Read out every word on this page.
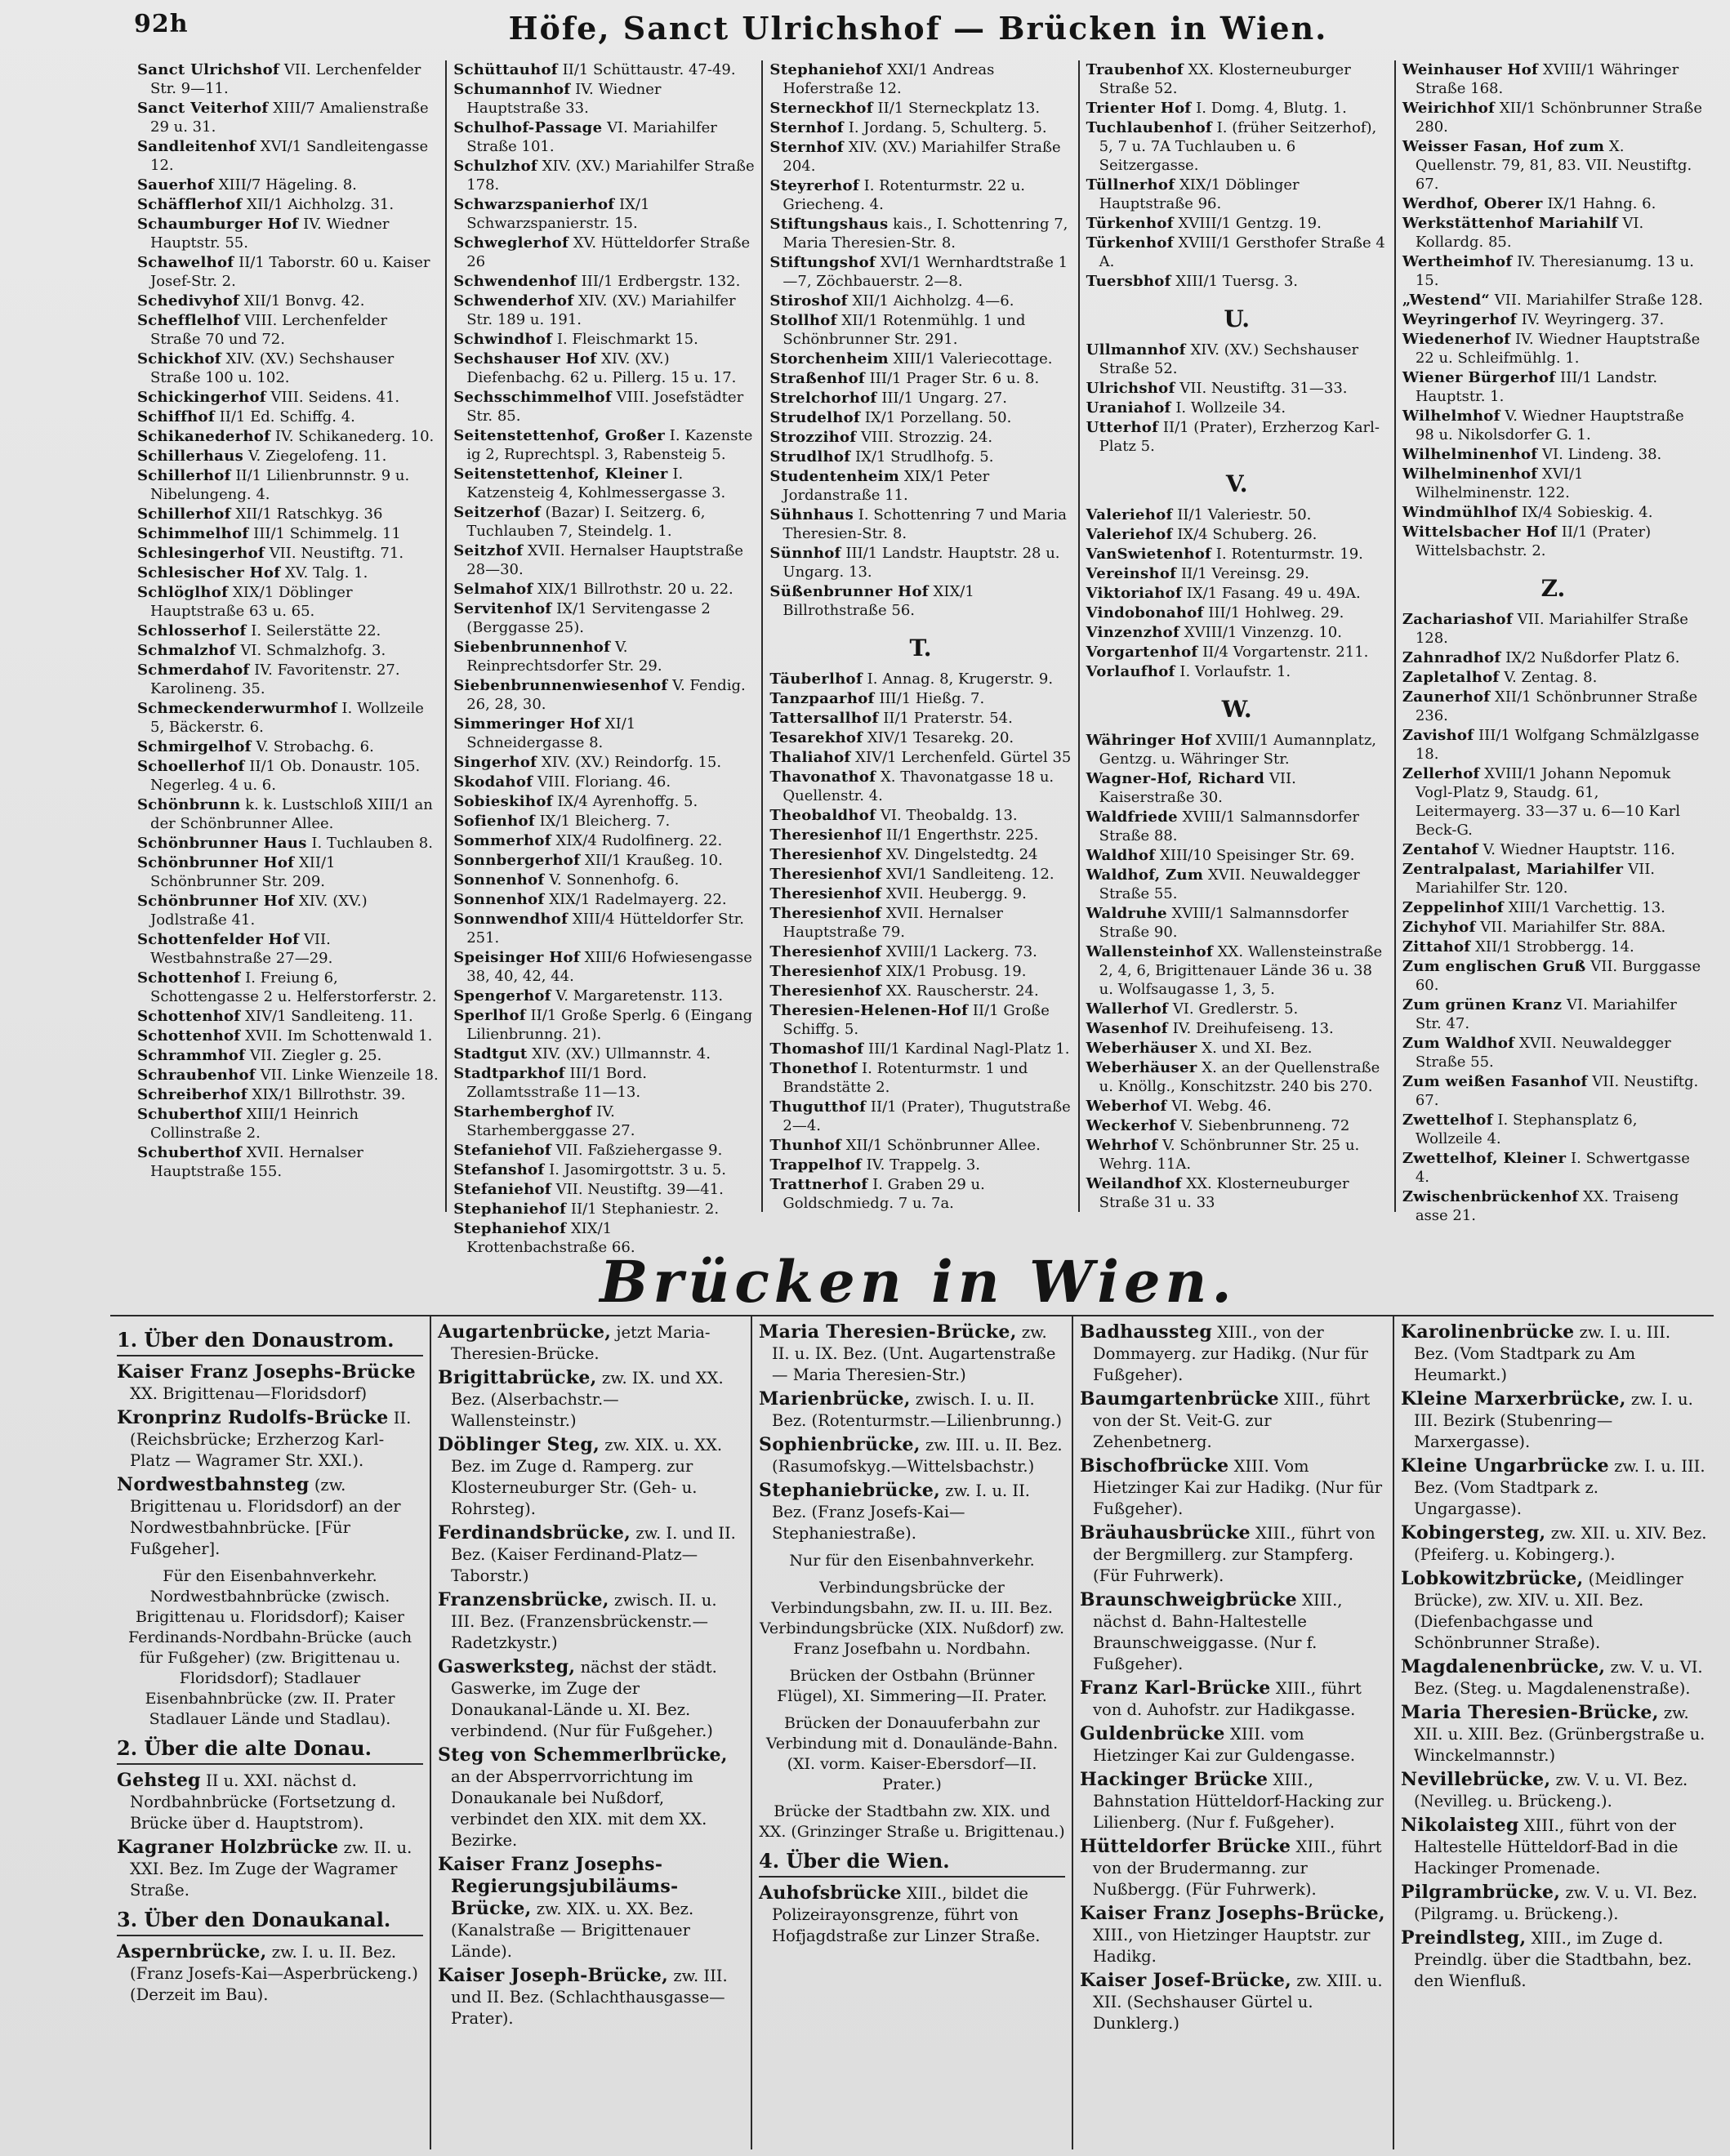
92h	Höfe, Sanct Ulrichshof — Brücken in Wien.
Sanct Ulrichshof VII. Lerchenfelder Str. 9—11.
Sanct Veiterhof XIII/7 Amalienstraße 29 u. 31.
Sandleitenhof XVI/1 Sandleitengasse 12.
Sauerhof XIII/7 Hägeling. 8.
Schäfflerhof XII/1 Aichholzg. 31.
Schaumburger Hof IV. Wiedner Hauptstr. 55.
Schawelhof II/1 Taborstr. 60 u. Kaiser Josef-Str. 2.
Schedivyhof XII/1 Bonvg. 42.
Schefflelhof VIII. Lerchenfelder Straße 70 und 72.
Schickhof XIV. (XV.) Sechshauser Straße 100 u. 102.
Schickingerhof VIII. Seidens. 41.
Schiffhof II/1 Ed. Schiffg. 4.
Schikanederhof IV. Schikanederg. 10.
Schillerhaus V. Ziegelofeng. 11.
Schillerhof II/1 Lilienbrunnstr. 9 u. Nibelungeng. 4.
Schillerhof XII/1 Ratschkyg. 36
Schimmelhof III/1 Schimmelg. 11
Schlesingerhof VII. Neustiftg. 71.
Schlesischer Hof XV. Talg. 1.
Schlöglhof XIX/1 Döblinger Hauptstraße 63 u. 65.
Schlosserhof I. Seilerstätte 22.
Schmalzhof VI. Schmalzhofg. 3.
Schmerdahof IV. Favoritenstr. 27. Karolineng. 35.
Schmeckenderwurmhof I. Wollzeile 5, Bäckerstr. 6.
Schmirgelhof V. Strobachg. 6.
Schoellerhof II/1 Ob. Donaustr. 105. Negerleg. 4 u. 6.
Schönbrunn k. k. Lustschloß XIII/1 an der Schönbrunner Allee.
Schönbrunner Haus I. Tuchlauben 8.
Schönbrunner Hof XII/1 Schönbrunner Str. 209.
Schönbrunner Hof XIV. (XV.) Jodlstraße 41.
Schottenfelder Hof VII. Westbahnstraße 27—29.
Schottenhof I. Freiung 6, Schottengasse 2 u. Helferstorferstr. 2.
Schottenhof XIV/1 Sandleiteng. 11.
Schottenhof XVII. Im Schottenwald 1.
Schrammhof VII. Ziegler g. 25.
Schraubenhof VII. Linke Wienzeile 18.
Schreiberhof XIX/1 Billrothstr. 39.
Schuberthof XIII/1 Heinrich Collinstraße 2.
Schuberthof XVII. Hernalser Hauptstraße 155.
Schüttauhof II/1 Schüttaustr. 47-49.
Schumannhof IV. Wiedner Hauptstraße 33.
Schulhof-Passage VI. Mariahilfer Straße 101.
Schulzhof XIV. (XV.) Mariahilfer Straße 178.
Schwarzspanierhof IX/1 Schwarzspanierstr. 15.
Schweglerhof XV. Hütteldorfer Straße 26
Schwendenhof III/1 Erdbergstr. 132.
Schwenderhof XIV. (XV.) Mariahilfer Str. 189 u. 191.
Schwindhof I. Fleischmarkt 15.
Sechshauser Hof XIV. (XV.) Diefenbachg. 62 u. Pillerg. 15 u. 17.
Sechsschimmelhof VIII. Josefstädter Str. 85.
Seitenstettenhof, Großer I. Kazenste ig 2, Ruprechtspl. 3, Rabensteig 5.
Seitenstettenhof, Kleiner I. Katzensteig 4, Kohlmessergasse 3.
Seitzerhof (Bazar) I. Seitzerg. 6, Tuchlauben 7, Steindelg. 1.
Seitzhof XVII. Hernalser Hauptstraße 28—30.
Selmahof XIX/1 Billrothstr. 20 u. 22.
Servitenhof IX/1 Servitengasse 2 (Berggasse 25).
Siebenbrunnenhof V. Reinprechtsdorfer Str. 29.
Siebenbrunnenwiesenhof V. Fendig. 26, 28, 30.
Simmeringer Hof XI/1 Schneidergasse 8.
Singerhof XIV. (XV.) Reindorfg. 15.
Skodahof VIII. Floriang. 46.
Sobieskihof IX/4 Ayrenhoffg. 5.
Sofienhof IX/1 Bleicherg. 7.
Sommerhof XIX/4 Rudolfinerg. 22.
Sonnbergerhof XII/1 Kraußeg. 10.
Sonnenhof V. Sonnenhofg. 6.
Sonnenhof XIX/1 Radelmayerg. 22.
Sonnwendhof XIII/4 Hütteldorfer Str. 251.
Speisinger Hof XIII/6 Hofwiesengasse 38, 40, 42, 44.
Spengerhof V. Margaretenstr. 113.
Sperlhof II/1 Große Sperlg. 6 (Eingang Lilienbrunng. 21).
Stadtgut XIV. (XV.) Ullmannstr. 4.
Stadtparkhof III/1 Bord. Zollamtsstraße 11—13.
Starhemberghof IV. Starhemberggasse 27.
Stefaniehof VII. Faßziehergasse 9.
Stefanshof I. Jasomirgottstr. 3 u. 5.
Stefaniehof VII. Neustiftg. 39—41.
Stephaniehof II/1 Stephaniestr. 2.
Stephaniehof XIX/1 Krottenbachstraße 66.
Stephaniehof XXI/1 Andreas Hoferstraße 12.
Sterneckhof II/1 Sterneckplatz 13.
Sternhof I. Jordang. 5, Schulterg. 5.
Sternhof XIV. (XV.) Mariahilfer Straße 204.
Steyrerhof I. Rotenturmstr. 22 u. Griecheng. 4.
Stiftungshaus kais., I. Schottenring 7, Maria Theresien-Str. 8.
Stiftungshof XVI/1 Wernhardtstraße 1—7, Zöchbauerstr. 2—8.
Stiroshof XII/1 Aichholzg. 4—6.
Stollhof XII/1 Rotenmühlg. 1 und Schönbrunner Str. 291.
Storchenheim XIII/1 Valeriecottage.
Straßenhof III/1 Prager Str. 6 u. 8.
Strelchorhof III/1 Ungarg. 27.
Strudelhof IX/1 Porzellang. 50.
Strozzihof VIII. Strozzig. 24.
Strudlhof IX/1 Strudlhofg. 5.
Studentenheim XIX/1 Peter Jordanstraße 11.
Sühnhaus I. Schottenring 7 und Maria Theresien-Str. 8.
Sünnhof III/1 Landstr. Hauptstr. 28 u. Ungarg. 13.
Süßenbrunner Hof XIX/1 Billrothstraße 56.
T.
Täuberlhof I. Annag. 8, Krugerstr. 9.
Tanzpaarhof III/1 Hießg. 7.
Tattersallhof II/1 Praterstr. 54.
Tesarekhof XIV/1 Tesarekg. 20.
Thaliahof XIV/1 Lerchenfeld. Gürtel 35
Thavonathof X. Thavonatgasse 18 u. Quellenstr. 4.
Theobaldhof VI. Theobaldg. 13.
Theresienhof II/1 Engerthstr. 225.
Theresienhof XV. Dingelstedtg. 24
Theresienhof XVI/1 Sandleiteng. 12.
Theresienhof XVII. Heubergg. 9.
Theresienhof XVII. Hernalser Hauptstraße 79.
Theresienhof XVIII/1 Lackerg. 73.
Theresienhof XIX/1 Probusg. 19.
Theresienhof XX. Rauscherstr. 24.
Theresien-Helenen-Hof II/1 Große Schiffg. 5.
Thomashof III/1 Kardinal Nagl-Platz 1.
Thonethof I. Rotenturmstr. 1 und Brandstätte 2.
Thugutthof II/1 (Prater), Thugutstraße 2—4.
Thunhof XII/1 Schönbrunner Allee.
Trappelhof IV. Trappelg. 3.
Trattnerhof I. Graben 29 u. Goldschmiedg. 7 u. 7a.
Traubenhof XX. Klosterneuburger Straße 52.
Trienter Hof I. Domg. 4, Blutg. 1.
Tuchlaubenhof I. (früher Seitzerhof), 5, 7 u. 7A Tuchlauben u. 6 Seitzergasse.
Tüllnerhof XIX/1 Döblinger Hauptstraße 96.
Türkenhof XVIII/1 Gentzg. 19.
Türkenhof XVIII/1 Gersthofer Straße 4 A.
Tuersbhof XIII/1 Tuersg. 3.
U.
Ullmannhof XIV. (XV.) Sechshauser Straße 52.
Ulrichshof VII. Neustiftg. 31—33.
Uraniahof I. Wollzeile 34.
Utterhof II/1 (Prater), Erzherzog Karl-Platz 5.
V.
Valeriehof II/1 Valeriestr. 50.
Valeriehof IX/4 Schuberg. 26.
VanSwietenhof I. Rotenturmstr. 19.
Vereinshof II/1 Vereinsg. 29.
Viktoriahof IX/1 Fasang. 49 u. 49A.
Vindobonahof III/1 Hohlweg. 29.
Vinzenzhof XVIII/1 Vinzenzg. 10.
Vorgartenhof II/4 Vorgartenstr. 211.
Vorlaufhof I. Vorlaufstr. 1.
W.
Währinger Hof XVIII/1 Aumannplatz, Gentzg. u. Währinger Str.
Wagner-Hof, Richard VII. Kaiserstraße 30.
Waldfriede XVIII/1 Salmannsdorfer Straße 88.
Waldhof XIII/10 Speisinger Str. 69.
Waldhof, Zum XVII. Neuwaldegger Straße 55.
Waldruhe XVIII/1 Salmannsdorfer Straße 90.
Wallensteinhof XX. Wallensteinstraße 2, 4, 6, Brigittenauer Lände 36 u. 38 u. Wolfsaugasse 1, 3, 5.
Wallerhof VI. Gredlerstr. 5.
Wasenhof IV. Dreihufeiseng. 13.
Weberhäuser X. und XI. Bez.
Weberhäuser X. an der Quellenstraße u. Knöllg., Konschitzstr. 240 bis 270.
Weberhof VI. Webg. 46.
Weckerhof V. Siebenbrunneng. 72
Wehrhof V. Schönbrunner Str. 25 u. Wehrg. 11A.
Weilandhof XX. Klosterneuburger Straße 31 u. 33
Weinhauser Hof XVIII/1 Währinger Straße 168.
Weirichhof XII/1 Schönbrunner Straße 280.
Weisser Fasan, Hof zum X. Quellenstr. 79, 81, 83. VII. Neustiftg. 67.
Werdhof, Oberer IX/1 Hahng. 6.
Werkstättenhof Mariahilf VI. Kollardg. 85.
Wertheimhof IV. Theresianumg. 13 u. 15.
„Westend“ VII. Mariahilfer Straße 128.
Weyringerhof IV. Weyringerg. 37.
Wiedenerhof IV. Wiedner Hauptstraße 22 u. Schleifmühlg. 1.
Wiener Bürgerhof III/1 Landstr. Hauptstr. 1.
Wilhelmhof V. Wiedner Hauptstraße 98 u. Nikolsdorfer G. 1.
Wilhelminenhof VI. Lindeng. 38.
Wilhelminenhof XVI/1 Wilhelminenstr. 122.
Windmühlhof IX/4 Sobieskig. 4.
Wittelsbacher Hof II/1 (Prater) Wittelsbachstr. 2.
Z.
Zachariashof VII. Mariahilfer Straße 128.
Zahnradhof IX/2 Nußdorfer Platz 6.
Zapletalhof V. Zentag. 8.
Zaunerhof XII/1 Schönbrunner Straße 236.
Zavishof III/1 Wolfgang Schmälzlgasse 18.
Zellerhof XVIII/1 Johann Nepomuk Vogl-Platz 9, Staudg. 61, Leitermayerg. 33—37 u. 6—10 Karl Beck-G.
Zentahof V. Wiedner Hauptstr. 116.
Zentralpalast, Mariahilfer VII. Mariahilfer Str. 120.
Zeppelinhof XIII/1 Varchettig. 13.
Zichyhof VII. Mariahilfer Str. 88A.
Zittahof XII/1 Strobbergg. 14.
Zum englischen Gruß VII. Burggasse 60.
Zum grünen Kranz VI. Mariahilfer Str. 47.
Zum Waldhof XVII. Neuwaldegger Straße 55.
Zum weißen Fasanhof VII. Neustiftg. 67.
Zwettelhof I. Stephansplatz 6, Wollzeile 4.
Zwettelhof, Kleiner I. Schwertgasse 4.
Zwischenbrückenhof XX. Traiseng asse 21.
Brücken in Wien.
1. Über den Donaustrom.
Kaiser Franz Josephs-Brücke XX. Brigittenau—Floridsdorf)
Kronprinz Rudolfs-Brücke II. (Reichsbrücke; Erzherzog Karl-Platz — Wagramer Str. XXI.).
Nordwestbahnsteg (zw. Brigittenau u. Floridsdorf) an der Nordwestbahnbrücke. [Für Fußgeher].
Für den Eisenbahnverkehr. Nordwestbahnbrücke (zwisch. Brigittenau u. Floridsdorf); Kaiser Ferdinands-Nordbahn-Brücke (auch für Fußgeher) (zw. Brigittenau u. Floridsdorf); Stadlauer Eisenbahnbrücke (zw. II. Prater Stadlauer Lände und Stadlau).
2. Über die alte Donau.
Gehsteg II u. XXI. nächst d. Nordbahnbrücke (Fortsetzung d. Brücke über d. Hauptstrom).
Kagraner Holzbrücke zw. II. u. XXI. Bez. Im Zuge der Wagramer Straße.
3. Über den Donaukanal.
Aspernbrücke, zw. I. u. II. Bez. (Franz Josefs-Kai—Asperbrückeng.) (Derzeit im Bau).
Augartenbrücke, jetzt Maria-Theresien-Brücke.
Brigittabrücke, zw. IX. und XX. Bez. (Alserbachstr.—Wallensteinstr.)
Döblinger Steg, zw. XIX. u. XX. Bez. im Zuge d. Ramperg. zur Klosterneuburger Str. (Geh- u. Rohrsteg).
Ferdinandsbrücke, zw. I. und II. Bez. (Kaiser Ferdinand-Platz—Taborstr.)
Franzensbrücke, zwisch. II. u. III. Bez. (Franzensbrückenstr.—Radetzkystr.)
Gaswerksteg, nächst der städt. Gaswerke, im Zuge der Donaukanal-Lände u. XI. Bez. verbindend. (Nur für Fußgeher.)
Steg von Schemmerlbrücke, an der Absperrvorrichtung im Donaukanale bei Nußdorf, verbindet den XIX. mit dem XX. Bezirke.
Kaiser Franz Josephs-Regierungsjubiläums-Brücke, zw. XIX. u. XX. Bez. (Kanalstraße — Brigittenauer Lände).
Kaiser Joseph-Brücke, zw. III. und II. Bez. (Schlachthausgasse—Prater).
Maria Theresien-Brücke, zw. II. u. IX. Bez. (Unt. Augartenstraße — Maria Theresien-Str.)
Marienbrücke, zwisch. I. u. II. Bez. (Rotenturmstr.—Lilienbrunng.)
Sophienbrücke, zw. III. u. II. Bez. (Rasumofskyg.—Wittelsbachstr.)
Stephaniebrücke, zw. I. u. II. Bez. (Franz Josefs-Kai—Stephaniestraße).
Nur für den Eisenbahnverkehr.
Verbindungsbrücke der Verbindungsbahn, zw. II. u. III. Bez. Verbindungsbrücke (XIX. Nußdorf) zw. Franz Josefbahn u. Nordbahn.
Brücken der Ostbahn (Brünner Flügel), XI. Simmering—II. Prater.
Brücken der Donauuferbahn zur Verbindung mit d. Donaulände-Bahn. (XI. vorm. Kaiser-Ebersdorf—II. Prater.)
Brücke der Stadtbahn zw. XIX. und XX. (Grinzinger Straße u. Brigittenau.)
4. Über die Wien.
Auhofsbrücke XIII., bildet die Polizeirayonsgrenze, führt von Hofjagdstraße zur Linzer Straße.
Badhaussteg XIII., von der Dommayerg. zur Hadikg. (Nur für Fußgeher).
Baumgartenbrücke XIII., führt von der St. Veit-G. zur Zehenbetnerg.
Bischofbrücke XIII. Vom Hietzinger Kai zur Hadikg. (Nur für Fußgeher).
Bräuhausbrücke XIII., führt von der Bergmillerg. zur Stampferg. (Für Fuhrwerk).
Braunschweigbrücke XIII., nächst d. Bahn-Haltestelle Braunschweiggasse. (Nur f. Fußgeher).
Franz Karl-Brücke XIII., führt von d. Auhofstr. zur Hadikgasse.
Guldenbrücke XIII. vom Hietzinger Kai zur Guldengasse.
Hackinger Brücke XIII., Bahnstation Hütteldorf-Hacking zur Lilienberg. (Nur f. Fußgeher).
Hütteldorfer Brücke XIII., führt von der Brudermanng. zur Nußbergg. (Für Fuhrwerk).
Kaiser Franz Josephs-Brücke, XIII., von Hietzinger Hauptstr. zur Hadikg.
Kaiser Josef-Brücke, zw. XIII. u. XII. (Sechshauser Gürtel u. Dunklerg.)
Karolinenbrücke zw. I. u. III. Bez. (Vom Stadtpark zu Am Heumarkt.)
Kleine Marxerbrücke, zw. I. u. III. Bezirk (Stubenring—Marxergasse).
Kleine Ungarbrücke zw. I. u. III. Bez. (Vom Stadtpark z. Ungargasse).
Kobingersteg, zw. XII. u. XIV. Bez. (Pfeiferg. u. Kobingerg.).
Lobkowitzbrücke, (Meidlinger Brücke), zw. XIV. u. XII. Bez. (Diefenbachgasse und Schönbrunner Straße).
Magdalenenbrücke, zw. V. u. VI. Bez. (Steg. u. Magdalenenstraße).
Maria Theresien-Brücke, zw. XII. u. XIII. Bez. (Grünbergstraße u. Winckelmannstr.)
Nevillebrücke, zw. V. u. VI. Bez. (Nevilleg. u. Brückeng.).
Nikolaisteg XIII., führt von der Haltestelle Hütteldorf-Bad in die Hackinger Promenade.
Pilgrambrücke, zw. V. u. VI. Bez. (Pilgramg. u. Brückeng.).
Preindlsteg, XIII., im Zuge d. Preindlg. über die Stadtbahn, bez. den Wienfluß.
